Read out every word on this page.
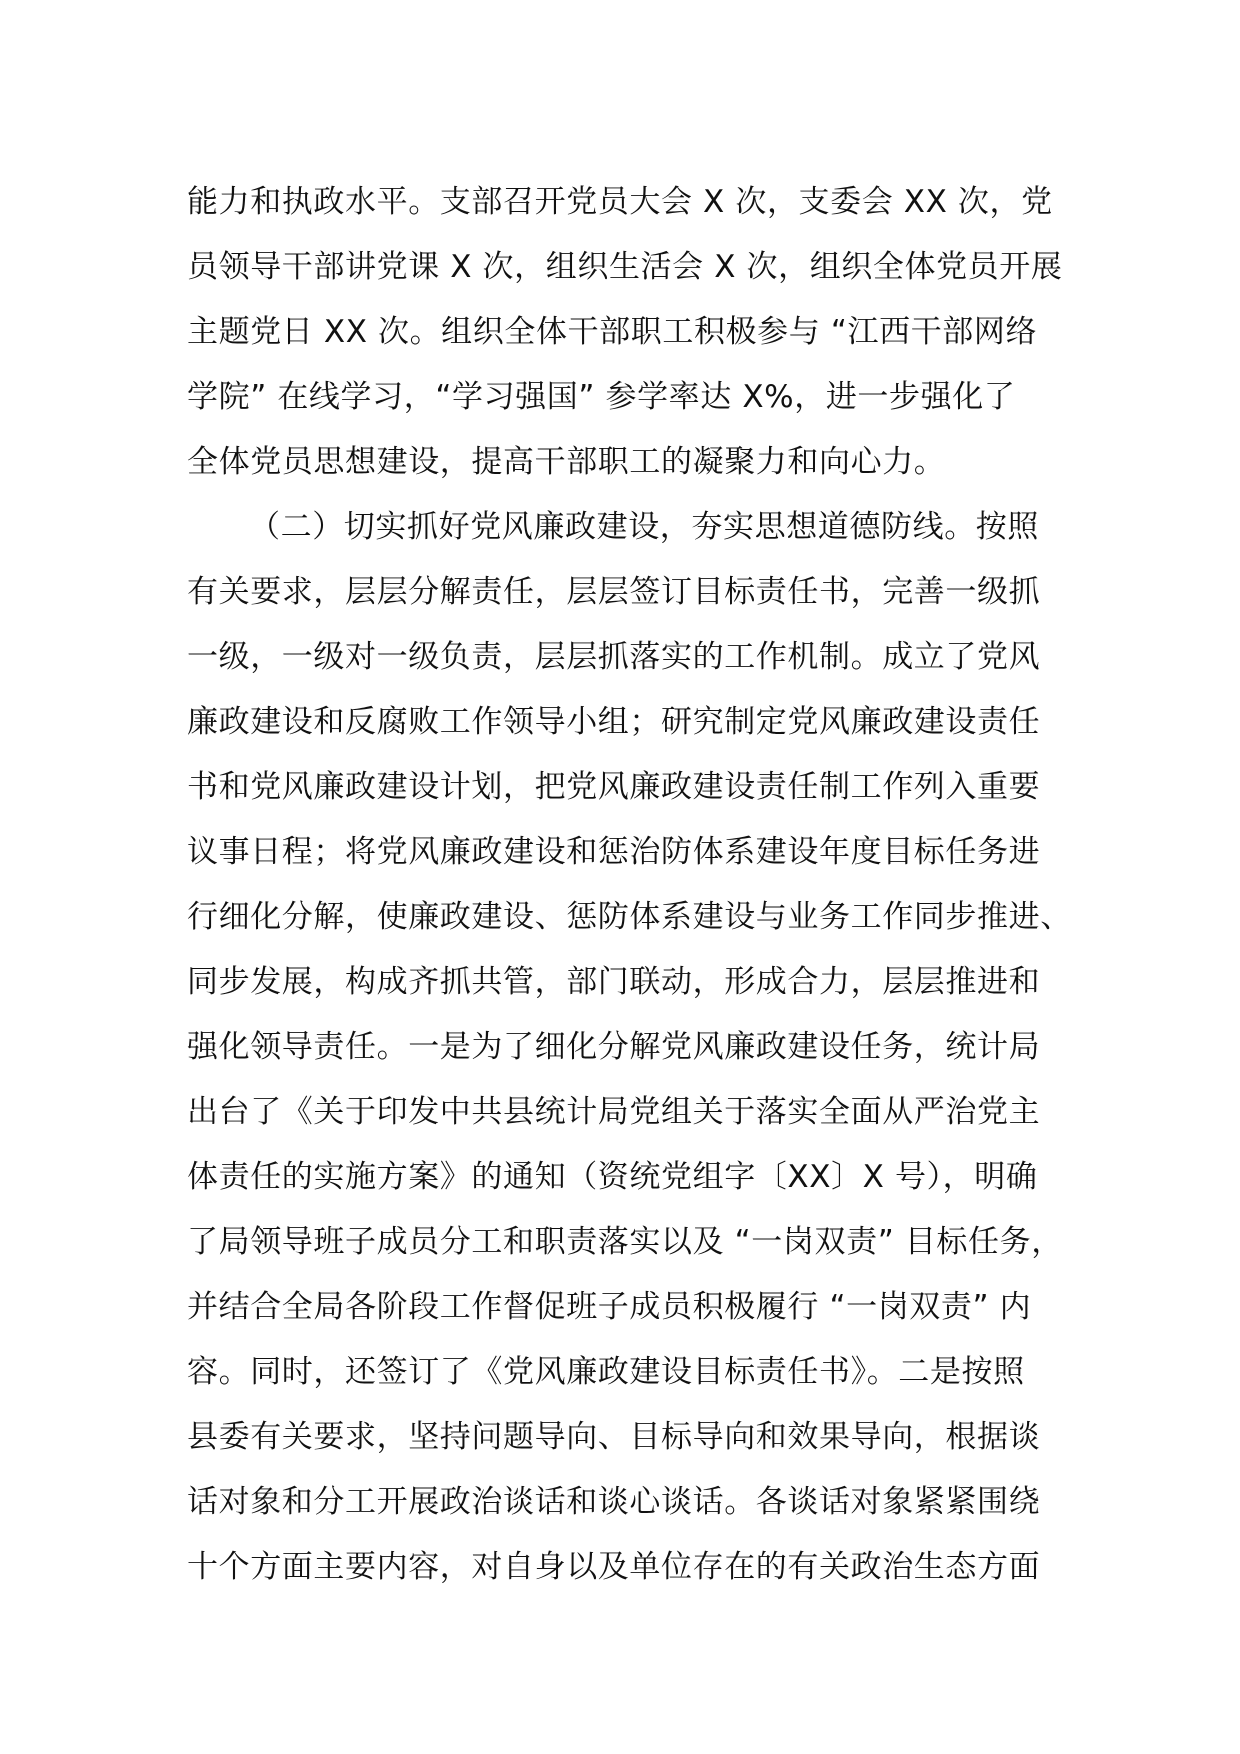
能力和执政水平。支部召开党员大会 X 次，支委会 XX 次，党
员领导干部讲党课 X 次，组织生活会 X 次，组织全体党员开展
主题党日 XX 次。组织全体干部职工积极参与 “江西干部网络
学院” 在线学习，“学习强国” 参学率达 X%，进一步强化了
全体党员思想建设，提高干部职工的凝聚力和向心力。
（二）切实抓好党风廉政建设，夯实思想道德防线。按照
有关要求，层层分解责任，层层签订目标责任书，完善一级抓
一级，一级对一级负责，层层抓落实的工作机制。成立了党风
廉政建设和反腐败工作领导小组；研究制定党风廉政建设责任
书和党风廉政建设计划，把党风廉政建设责任制工作列入重要
议事日程；将党风廉政建设和惩治防体系建设年度目标任务进
行细化分解，使廉政建设、惩防体系建设与业务工作同步推进、
同步发展，构成齐抓共管，部门联动，形成合力，层层推进和
强化领导责任。一是为了细化分解党风廉政建设任务，统计局
出台了《关于印发中共县统计局党组关于落实全面从严治党主
体责任的实施方案》的通知（资统党组字〔XX〕X 号），明确
了局领导班子成员分工和职责落实以及 “一岗双责” 目标任务，
并结合全局各阶段工作督促班子成员积极履行 “一岗双责” 内
容。同时，还签订了《党风廉政建设目标责任书》。二是按照
县委有关要求，坚持问题导向、目标导向和效果导向，根据谈
话对象和分工开展政治谈话和谈心谈话。各谈话对象紧紧围绕
十个方面主要内容，对自身以及单位存在的有关政治生态方面
